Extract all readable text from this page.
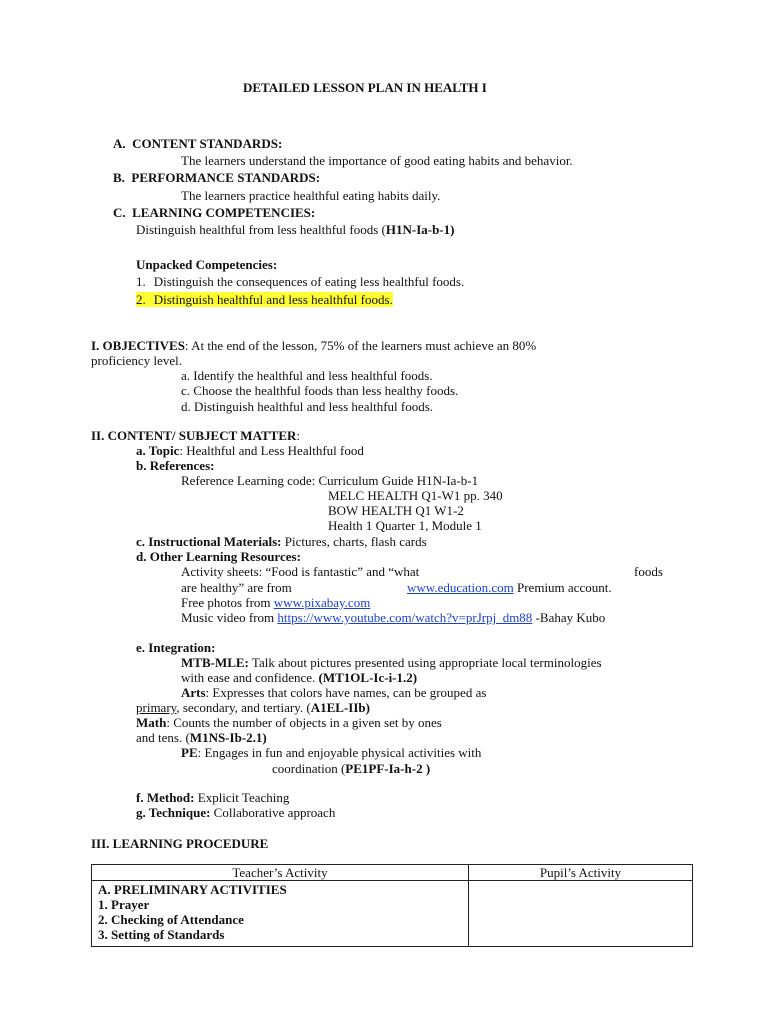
DETAILED LESSON PLAN IN HEALTH I
A.  CONTENT STANDARDS:
The learners understand the importance of good eating habits and behavior.
B.  PERFORMANCE STANDARDS:
The learners practice healthful eating habits daily.
C.  LEARNING COMPETENCIES:
Distinguish healthful from less healthful foods (H1N-Ia-b-1)
Unpacked Competencies:
1. Distinguish the consequences of eating less healthful foods.
2. Distinguish healthful and less healthful foods.
I. OBJECTIVES: At the end of the lesson, 75% of the learners must achieve an 80%
proficiency level.
a. Identify the healthful and less healthful foods.
c. Choose the healthful foods than less healthy foods.
d. Distinguish healthful and less healthful foods.
II. CONTENT/ SUBJECT MATTER:
a. Topic: Healthful and Less Healthful food
b. References:
Reference Learning code: Curriculum Guide H1N-Ia-b-1
MELC HEALTH Q1-W1 pp. 340
BOW HEALTH Q1 W1-2
Health 1 Quarter 1, Module 1
c. Instructional Materials: Pictures, charts, flash cards
d. Other Learning Resources:
Activity sheets: “Food is fantastic” and “what	foods
are healthy” are from	www.education.com Premium account.
Free photos from www.pixabay.com
Music video from https://www.youtube.com/watch?v=prJrpj_dm88 -Bahay Kubo
e. Integration:
MTB-MLE: Talk about pictures presented using appropriate local terminologies
with ease and confidence. (MT1OL-Ic-i-1.2)
Arts: Expresses that colors have names, can be grouped as
primary, secondary, and tertiary. (A1EL-IIb)
Math: Counts the number of objects in a given set by ones
and tens. (M1NS-Ib-2.1)
PE: Engages in fun and enjoyable physical activities with
coordination (PE1PF-Ia-h-2 )
f. Method: Explicit Teaching
g. Technique: Collaborative approach
III. LEARNING PROCEDURE
Teacher’s Activity	Pupil’s Activity

A. PRELIMINARY ACTIVITIES
1. Prayer
2. Checking of Attendance
3. Setting of Standards	
